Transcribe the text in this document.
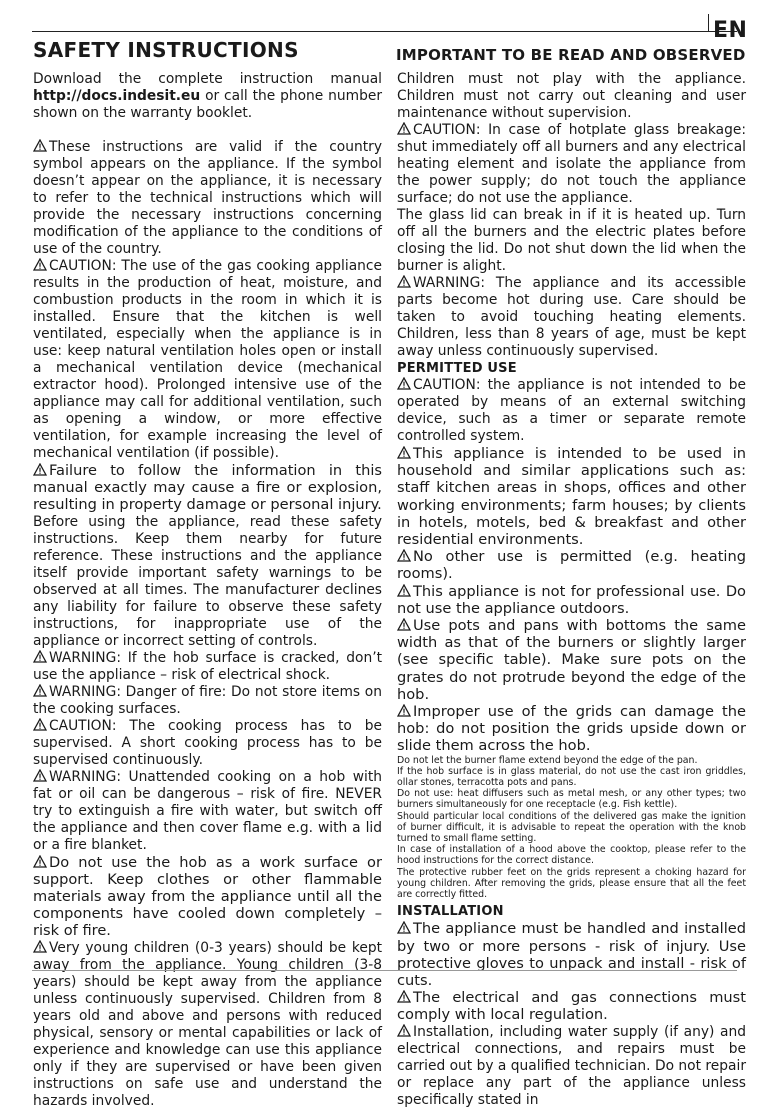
EN
SAFETY INSTRUCTIONS	IMPORTANT TO BE READ AND OBSERVED

Download the complete instruction manual http://docs.indesit.eu or call the phone number shown on the warranty booklet.

These instructions are valid if the country symbol appears on the appliance. If the symbol doesn’t appear on the appliance, it is necessary to refer to the technical instructions which will provide the necessary instructions concerning modification of the appliance to the conditions of use of the country.

CAUTION: The use of the gas cooking appliance results in the production of heat, moisture, and combustion products in the room in which it is installed. Ensure that the kitchen is well ventilated, especially when the appliance is in use: keep natural ventilation holes open or install a mechanical ventilation device (mechanical extractor hood). Prolonged intensive use of the appliance may call for additional ventilation, such as opening a window, or more effective ventilation, for example increasing the level of mechanical ventilation (if possible).

Failure to follow the information in this manual exactly may cause a fire or explosion, resulting in property damage or personal injury.

Before using the appliance, read these safety instructions. Keep them nearby for future reference. These instructions and the appliance itself provide important safety warnings to be observed at all times. The manufacturer declines any liability for failure to observe these safety instructions, for inappropriate use of the appliance or incorrect setting of controls.

WARNING: If the hob surface is cracked, don’t use the appliance – risk of electrical shock.

WARNING: Danger of fire: Do not store items on the cooking surfaces.

CAUTION: The cooking process has to be supervised. A short cooking process has to be supervised continuously.

WARNING: Unattended cooking on a hob with fat or oil can be dangerous – risk of fire. NEVER try to extinguish a fire with water, but switch off the appliance and then cover flame e.g. with a lid or a fire blanket.

Do not use the hob as a work surface or support. Keep clothes or other flammable materials away from the appliance until all the components have cooled down completely – risk of fire.

Very young children (0-3 years) should be kept away from the appliance. Young children (3-8 years) should be kept away from the appliance unless continuously supervised. Children from 8 years old and above and persons with reduced physical, sensory or mental capabilities or lack of experience and knowledge can use this appliance only if they are supervised or have been given instructions on safe use and understand the hazards involved.

Children must not play with the appliance. Children must not carry out cleaning and user maintenance without supervision.

CAUTION: In case of hotplate glass breakage: shut immediately off all burners and any electrical heating element and isolate the appliance from the power supply; do not touch the appliance surface; do not use the appliance.

The glass lid can break in if it is heated up. Turn off all the burners and the electric plates before closing the lid. Do not shut down the lid when the burner is alight.

WARNING: The appliance and its accessible parts become hot during use. Care should be taken to avoid touching heating elements. Children, less than 8 years of age, must be kept away unless continuously supervised.

PERMITTED USE

CAUTION: the appliance is not intended to be operated by means of an external switching device, such as a timer or separate remote controlled system.

This appliance is intended to be used in household and similar applications such as: staff kitchen areas in shops, offices and other working environments; farm houses; by clients in hotels, motels, bed & breakfast and other residential environments.

No other use is permitted (e.g. heating rooms).

This appliance is not for professional use. Do not use the appliance outdoors.

Use pots and pans with bottoms the same width as that of the burners or slightly larger (see specific table). Make sure pots on the grates do not protrude beyond the edge of the hob.

Improper use of the grids can damage the hob: do not position the grids upside down or slide them across the hob.

Do not let the burner flame extend beyond the edge of the pan.

If the hob surface is in glass material, do not use the cast iron griddles, ollar stones, terracotta pots and pans.

Do not use: heat diffusers such as metal mesh, or any other types; two burners simultaneously for one receptacle (e.g. Fish kettle).

Should particular local conditions of the delivered gas make the ignition of burner difficult, it is advisable to repeat the operation with the knob turned to small flame setting.

In case of installation of a hood above the cooktop, please refer to the hood instructions for the correct distance.

The protective rubber feet on the grids represent a choking hazard for young children. After removing the grids, please ensure that all the feet are correctly fitted.

INSTALLATION

The appliance must be handled and installed by two or more persons - risk of injury. Use protective gloves to unpack and install - risk of cuts.

The electrical and gas connections must comply with local regulation.

Installation, including water supply (if any) and electrical connections, and repairs must be carried out by a qualified technician. Do not repair or replace any part of the appliance unless specifically stated in
